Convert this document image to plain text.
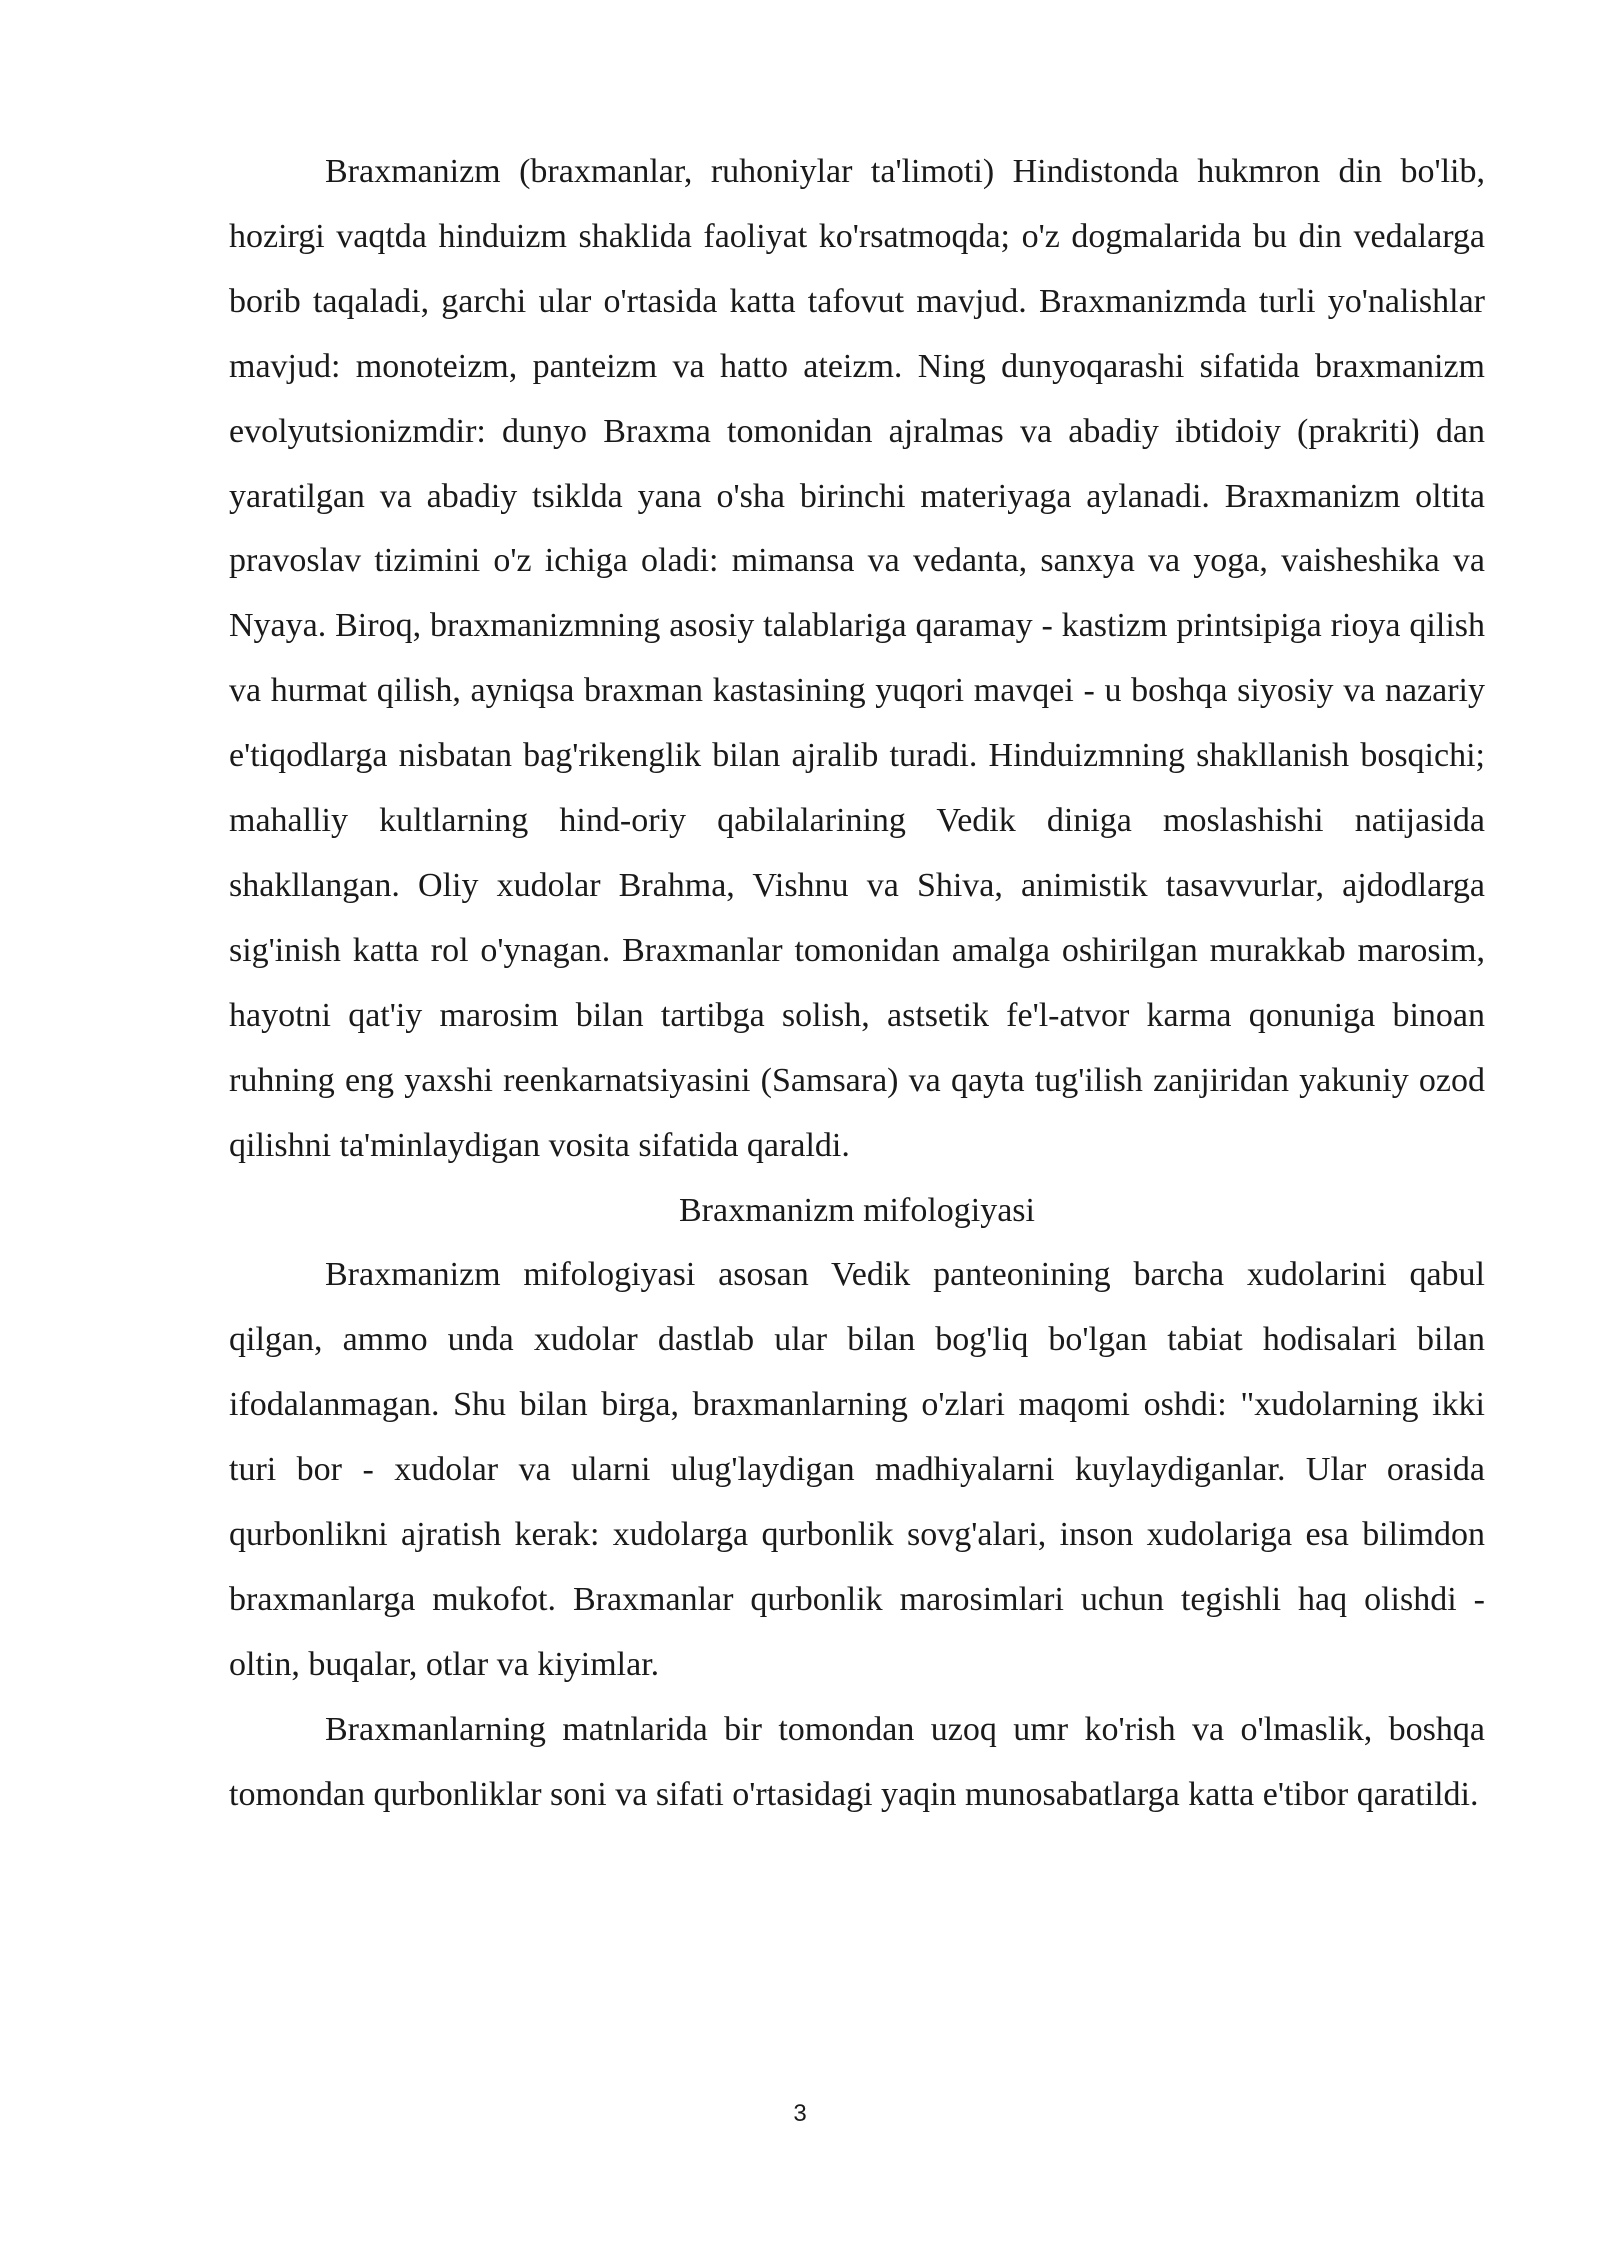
Braxmanizm (braxmanlar, ruhoniylar ta'limoti) Hindistonda hukmron din bo'lib, hozirgi vaqtda hinduizm shaklida faoliyat ko'rsatmoqda; o'z dogmalarida bu din vedalarga borib taqaladi, garchi ular o'rtasida katta tafovut mavjud. Braxmanizmda turli yo'nalishlar mavjud: monoteizm, panteizm va hatto ateizm. Ning dunyoqarashi sifatida braxmanizm evolyutsionizmdir: dunyo Braxma tomonidan ajralmas va abadiy ibtidoiy (prakriti) dan yaratilgan va abadiy tsiklda yana o'sha birinchi materiyaga aylanadi. Braxmanizm oltita pravoslav tizimini o'z ichiga oladi: mimansa va vedanta, sanxya va yoga, vaisheshika va Nyaya. Biroq, braxmanizmning asosiy talablariga qaramay - kastizm printsipiga rioya qilish va hurmat qilish, ayniqsa braxman kastasining yuqori mavqei - u boshqa siyosiy va nazariy e'tiqodlarga nisbatan bag'rikenglik bilan ajralib turadi. Hinduizmning shakllanish bosqichi; mahalliy kultlarning hind-oriy qabilalarining Vedik diniga moslashishi natijasida shakllangan. Oliy xudolar Brahma, Vishnu va Shiva, animistik tasavvurlar, ajdodlarga sig'inish katta rol o'ynagan. Braxmanlar tomonidan amalga oshirilgan murakkab marosim, hayotni qat'iy marosim bilan tartibga solish, astsetik fe'l-atvor karma qonuniga binoan ruhning eng yaxshi reenkarnatsiyasini (Samsara) va qayta tug'ilish zanjiridan yakuniy ozod qilishni ta'minlaydigan vosita sifatida qaraldi.

Braxmanizm mifologiyasi

Braxmanizm mifologiyasi asosan Vedik panteonining barcha xudolarini qabul qilgan, ammo unda xudolar dastlab ular bilan bog'liq bo'lgan tabiat hodisalari bilan ifodalanmagan. Shu bilan birga, braxmanlarning o'zlari maqomi oshdi: "xudolarning ikki turi bor - xudolar va ularni ulug'laydigan madhiyalarni kuylaydiganlar. Ular orasida qurbonlikni ajratish kerak: xudolarga qurbonlik sovg'alari, inson xudolariga esa bilimdon braxmanlarga mukofot. Braxmanlar qurbonlik marosimlari uchun tegishli haq olishdi - oltin, buqalar, otlar va kiyimlar.

Braxmanlarning matnlarida bir tomondan uzoq umr ko'rish va o'lmaslik, boshqa tomondan qurbonliklar soni va sifati o'rtasidagi yaqin munosabatlarga katta e'tibor qaratildi.

3
